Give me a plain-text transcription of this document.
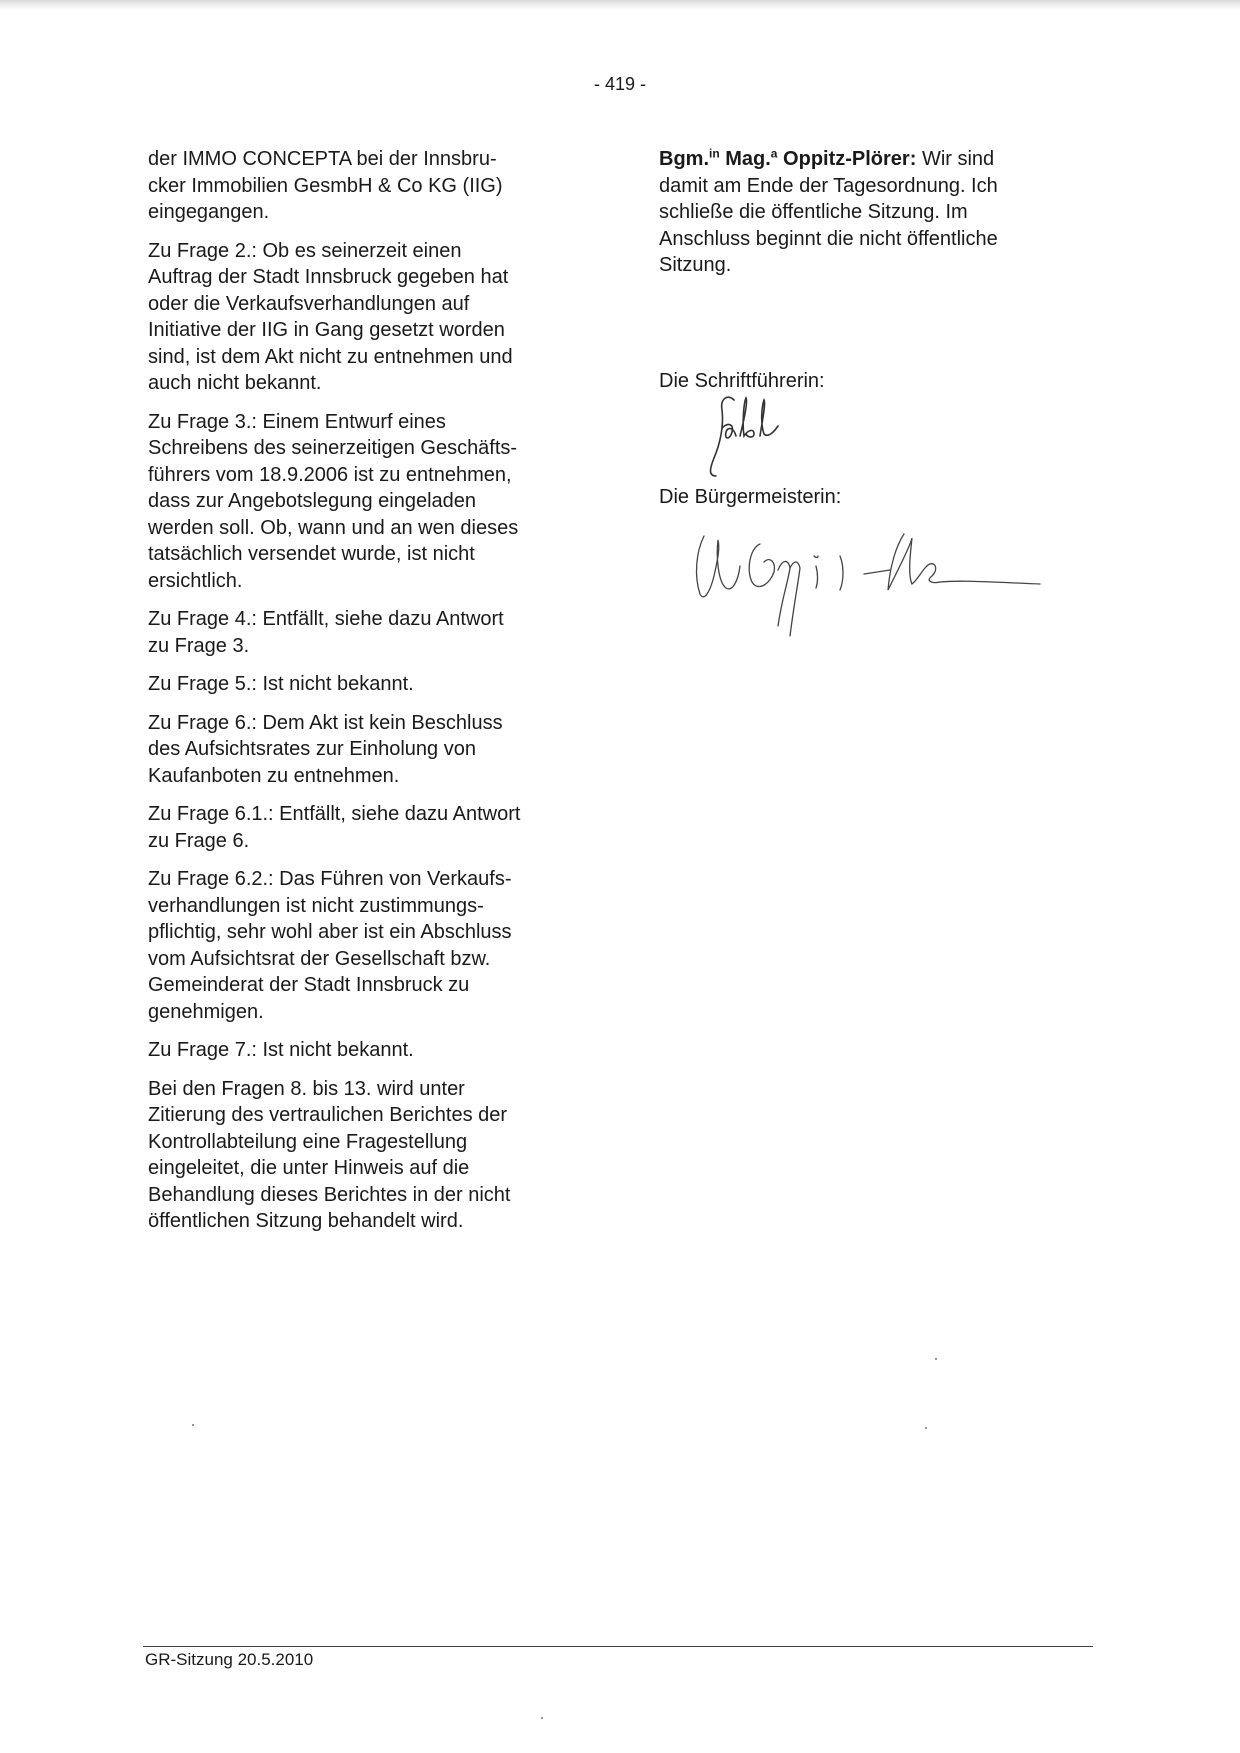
- 419 -

der IMMO CONCEPTA bei der Innsbru-
cker Immobilien GesmbH & Co KG (IIG)
eingegangen.

Zu Frage 2.: Ob es seinerzeit einen
Auftrag der Stadt Innsbruck gegeben hat
oder die Verkaufsverhandlungen auf
Initiative der IIG in Gang gesetzt worden
sind, ist dem Akt nicht zu entnehmen und
auch nicht bekannt.

Zu Frage 3.: Einem Entwurf eines
Schreibens des seinerzeitigen Geschäfts-
führers vom 18.9.2006 ist zu entnehmen,
dass zur Angebotslegung eingeladen
werden soll. Ob, wann und an wen dieses
tatsächlich versendet wurde, ist nicht
ersichtlich.

Zu Frage 4.: Entfällt, siehe dazu Antwort
zu Frage 3.

Zu Frage 5.: Ist nicht bekannt.

Zu Frage 6.: Dem Akt ist kein Beschluss
des Aufsichtsrates zur Einholung von
Kaufanboten zu entnehmen.

Zu Frage 6.1.: Entfällt, siehe dazu Antwort
zu Frage 6.

Zu Frage 6.2.: Das Führen von Verkaufs-
verhandlungen ist nicht zustimmungs-
pflichtig, sehr wohl aber ist ein Abschluss
vom Aufsichtsrat der Gesellschaft bzw.
Gemeinderat der Stadt Innsbruck zu
genehmigen.

Zu Frage 7.: Ist nicht bekannt.

Bei den Fragen 8. bis 13. wird unter
Zitierung des vertraulichen Berichtes der
Kontrollabteilung eine Fragestellung
eingeleitet, die unter Hinweis auf die
Behandlung dieses Berichtes in der nicht
öffentlichen Sitzung behandelt wird.

Bgm.$^{in}$ Mag.$^a$ Oppitz-Plörer: Wir sind
damit am Ende der Tagesordnung. Ich
schließe die öffentliche Sitzung. Im
Anschluss beginnt die nicht öffentliche
Sitzung.

Die Schriftführerin:
Die Bürgermeisterin:
GR-Sitzung 20.5.2010
